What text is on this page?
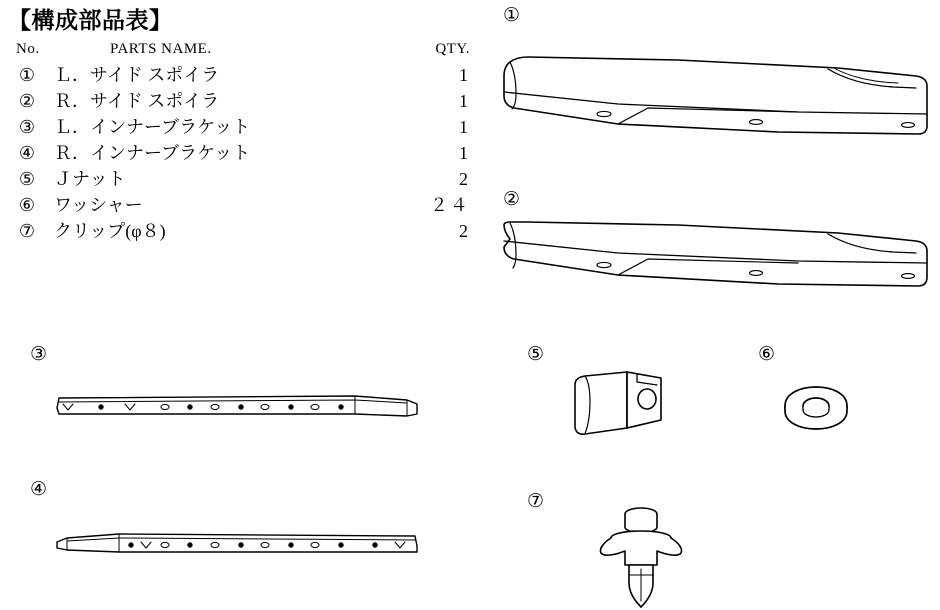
【構成部品表】
No.	PARTS NAME.	QTY.
① Ｌ．サイド スポイラ	1
② Ｒ．サイド スポイラ	1
③ Ｌ．インナーブラケット	1
④ Ｒ．インナーブラケット	1
⑤ Ｊナット	2
⑥ ワッシャー	２４
⑦ クリップ(φ８)	2
①
②
③
④
⑤	⑥
⑦
